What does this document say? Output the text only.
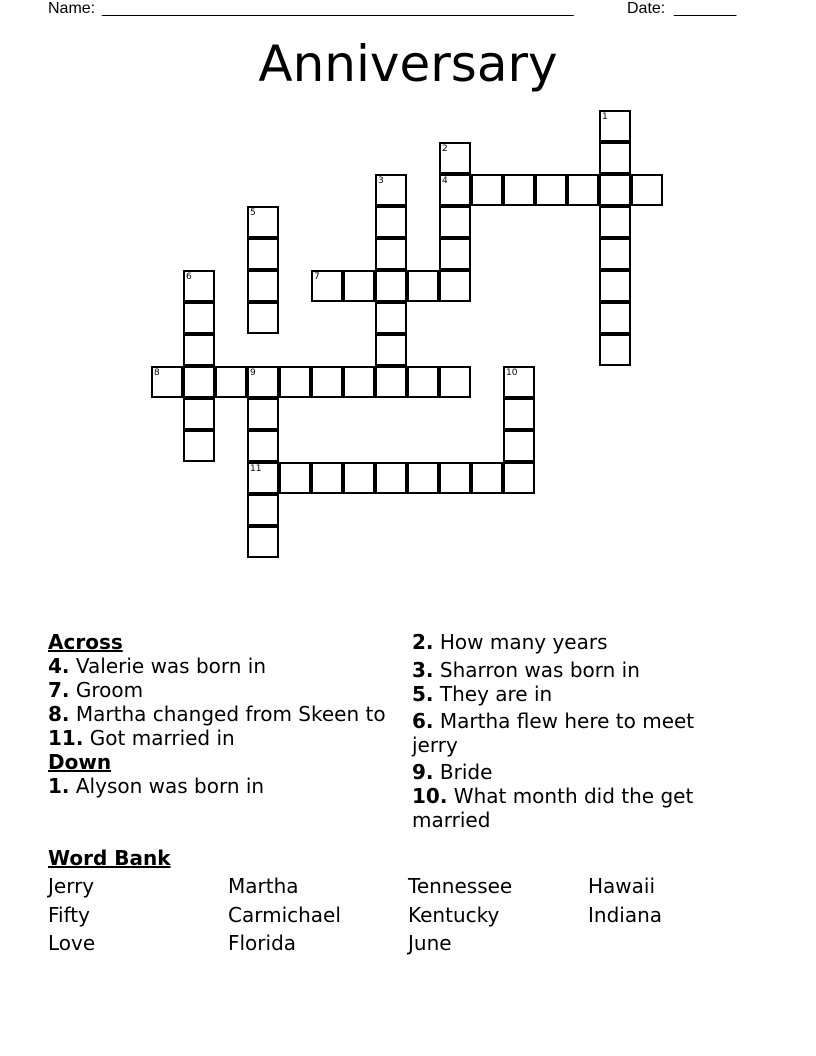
Name: _____________________________________________________	Date: _______
Anniversary
1
2
4
3
5
6	7
8	9
11
10
Across
4. Valerie was born in
7. Groom
8. Martha changed from Skeen to
11. Got married in
Down
1. Alyson was born in
2. How many years
3. Sharron was born in
5. They are in
6. Martha flew here to meet jerry
9. Bride
10. What month did the get married
Word Bank
Jerry	Martha	Tennessee	Hawaii
Fifty	Carmichael	Kentucky	Indiana
Love	Florida	June
